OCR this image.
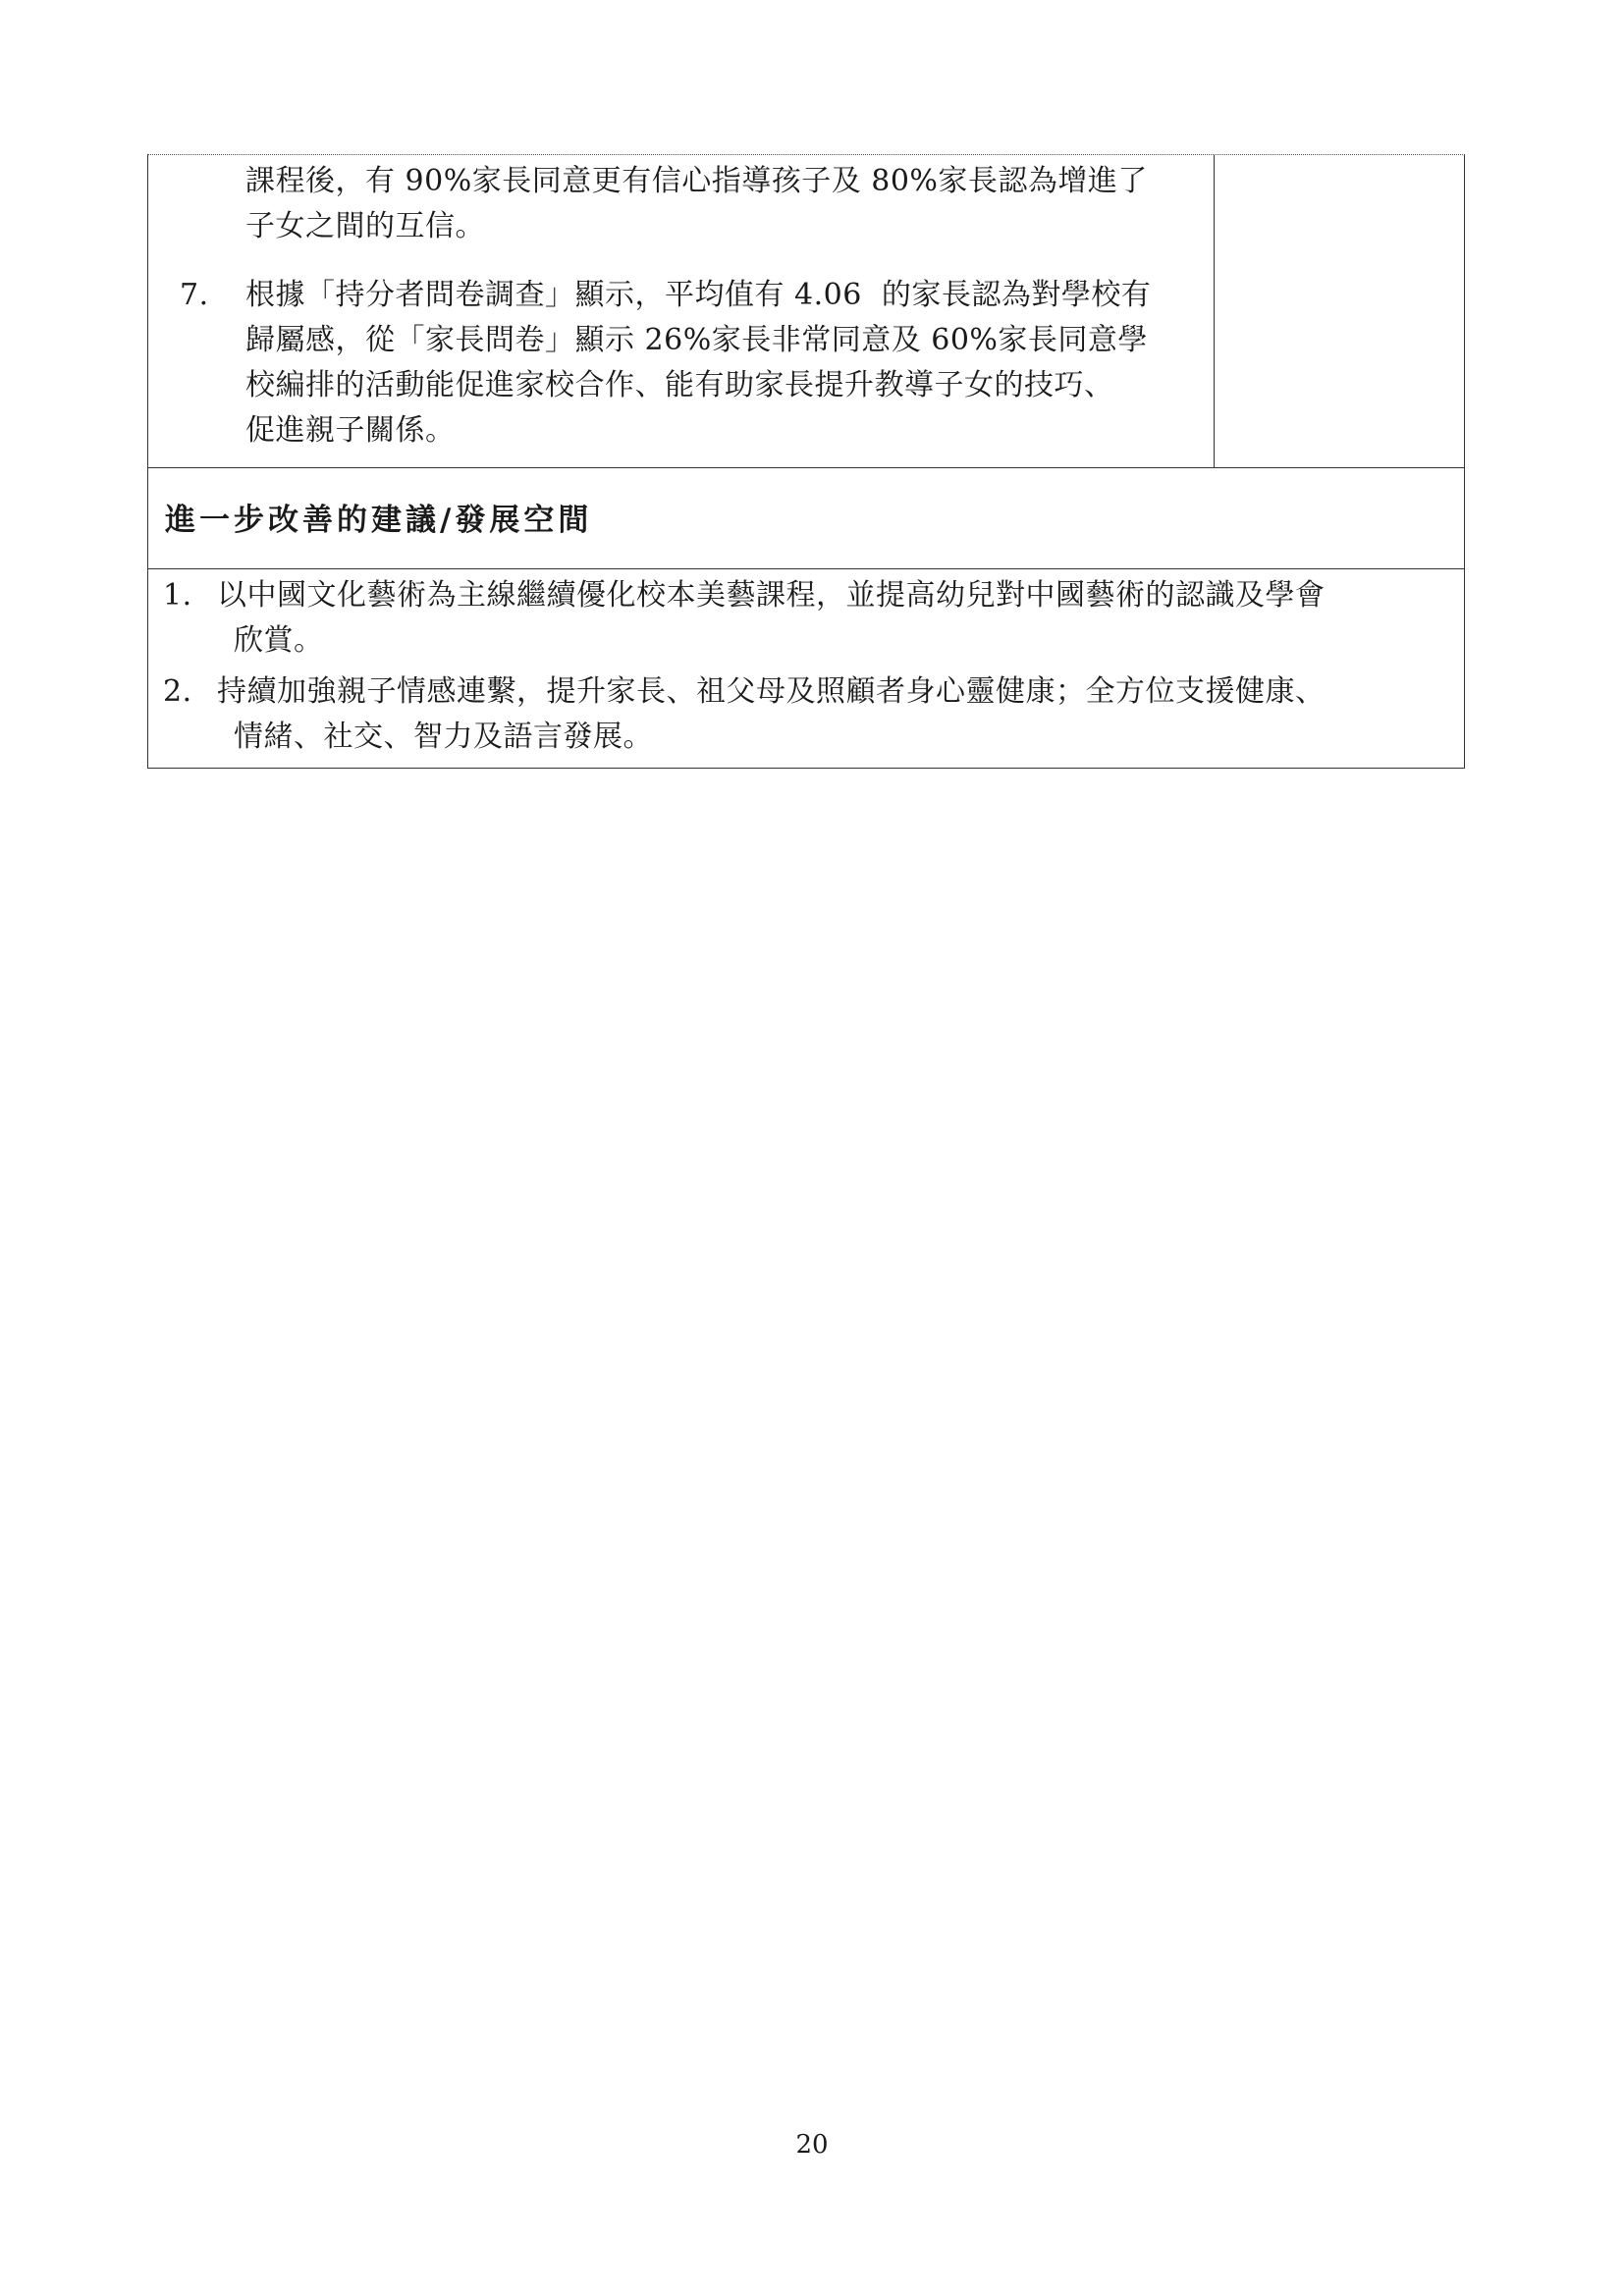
課程後，有 90%家長同意更有信心指導孩子及 80%家長認為增進了
子女之間的互信。
7. 根據「持分者問卷調查」顯示，平均值有 4.06  的家長認為對學校有
歸屬感，從「家長問卷」顯示 26%家長非常同意及 60%家長同意學
校編排的活動能促進家校合作、能有助家長提升教導子女的技巧、
促進親子關係。
進一步改善的建議/發展空間
1. 以中國文化藝術為主線繼續優化校本美藝課程，並提高幼兒對中國藝術的認識及學會
欣賞。
2. 持續加強親子情感連繫，提升家長、祖父母及照顧者身心靈健康；全方位支援健康、
情緒、社交、智力及語言發展。
20
